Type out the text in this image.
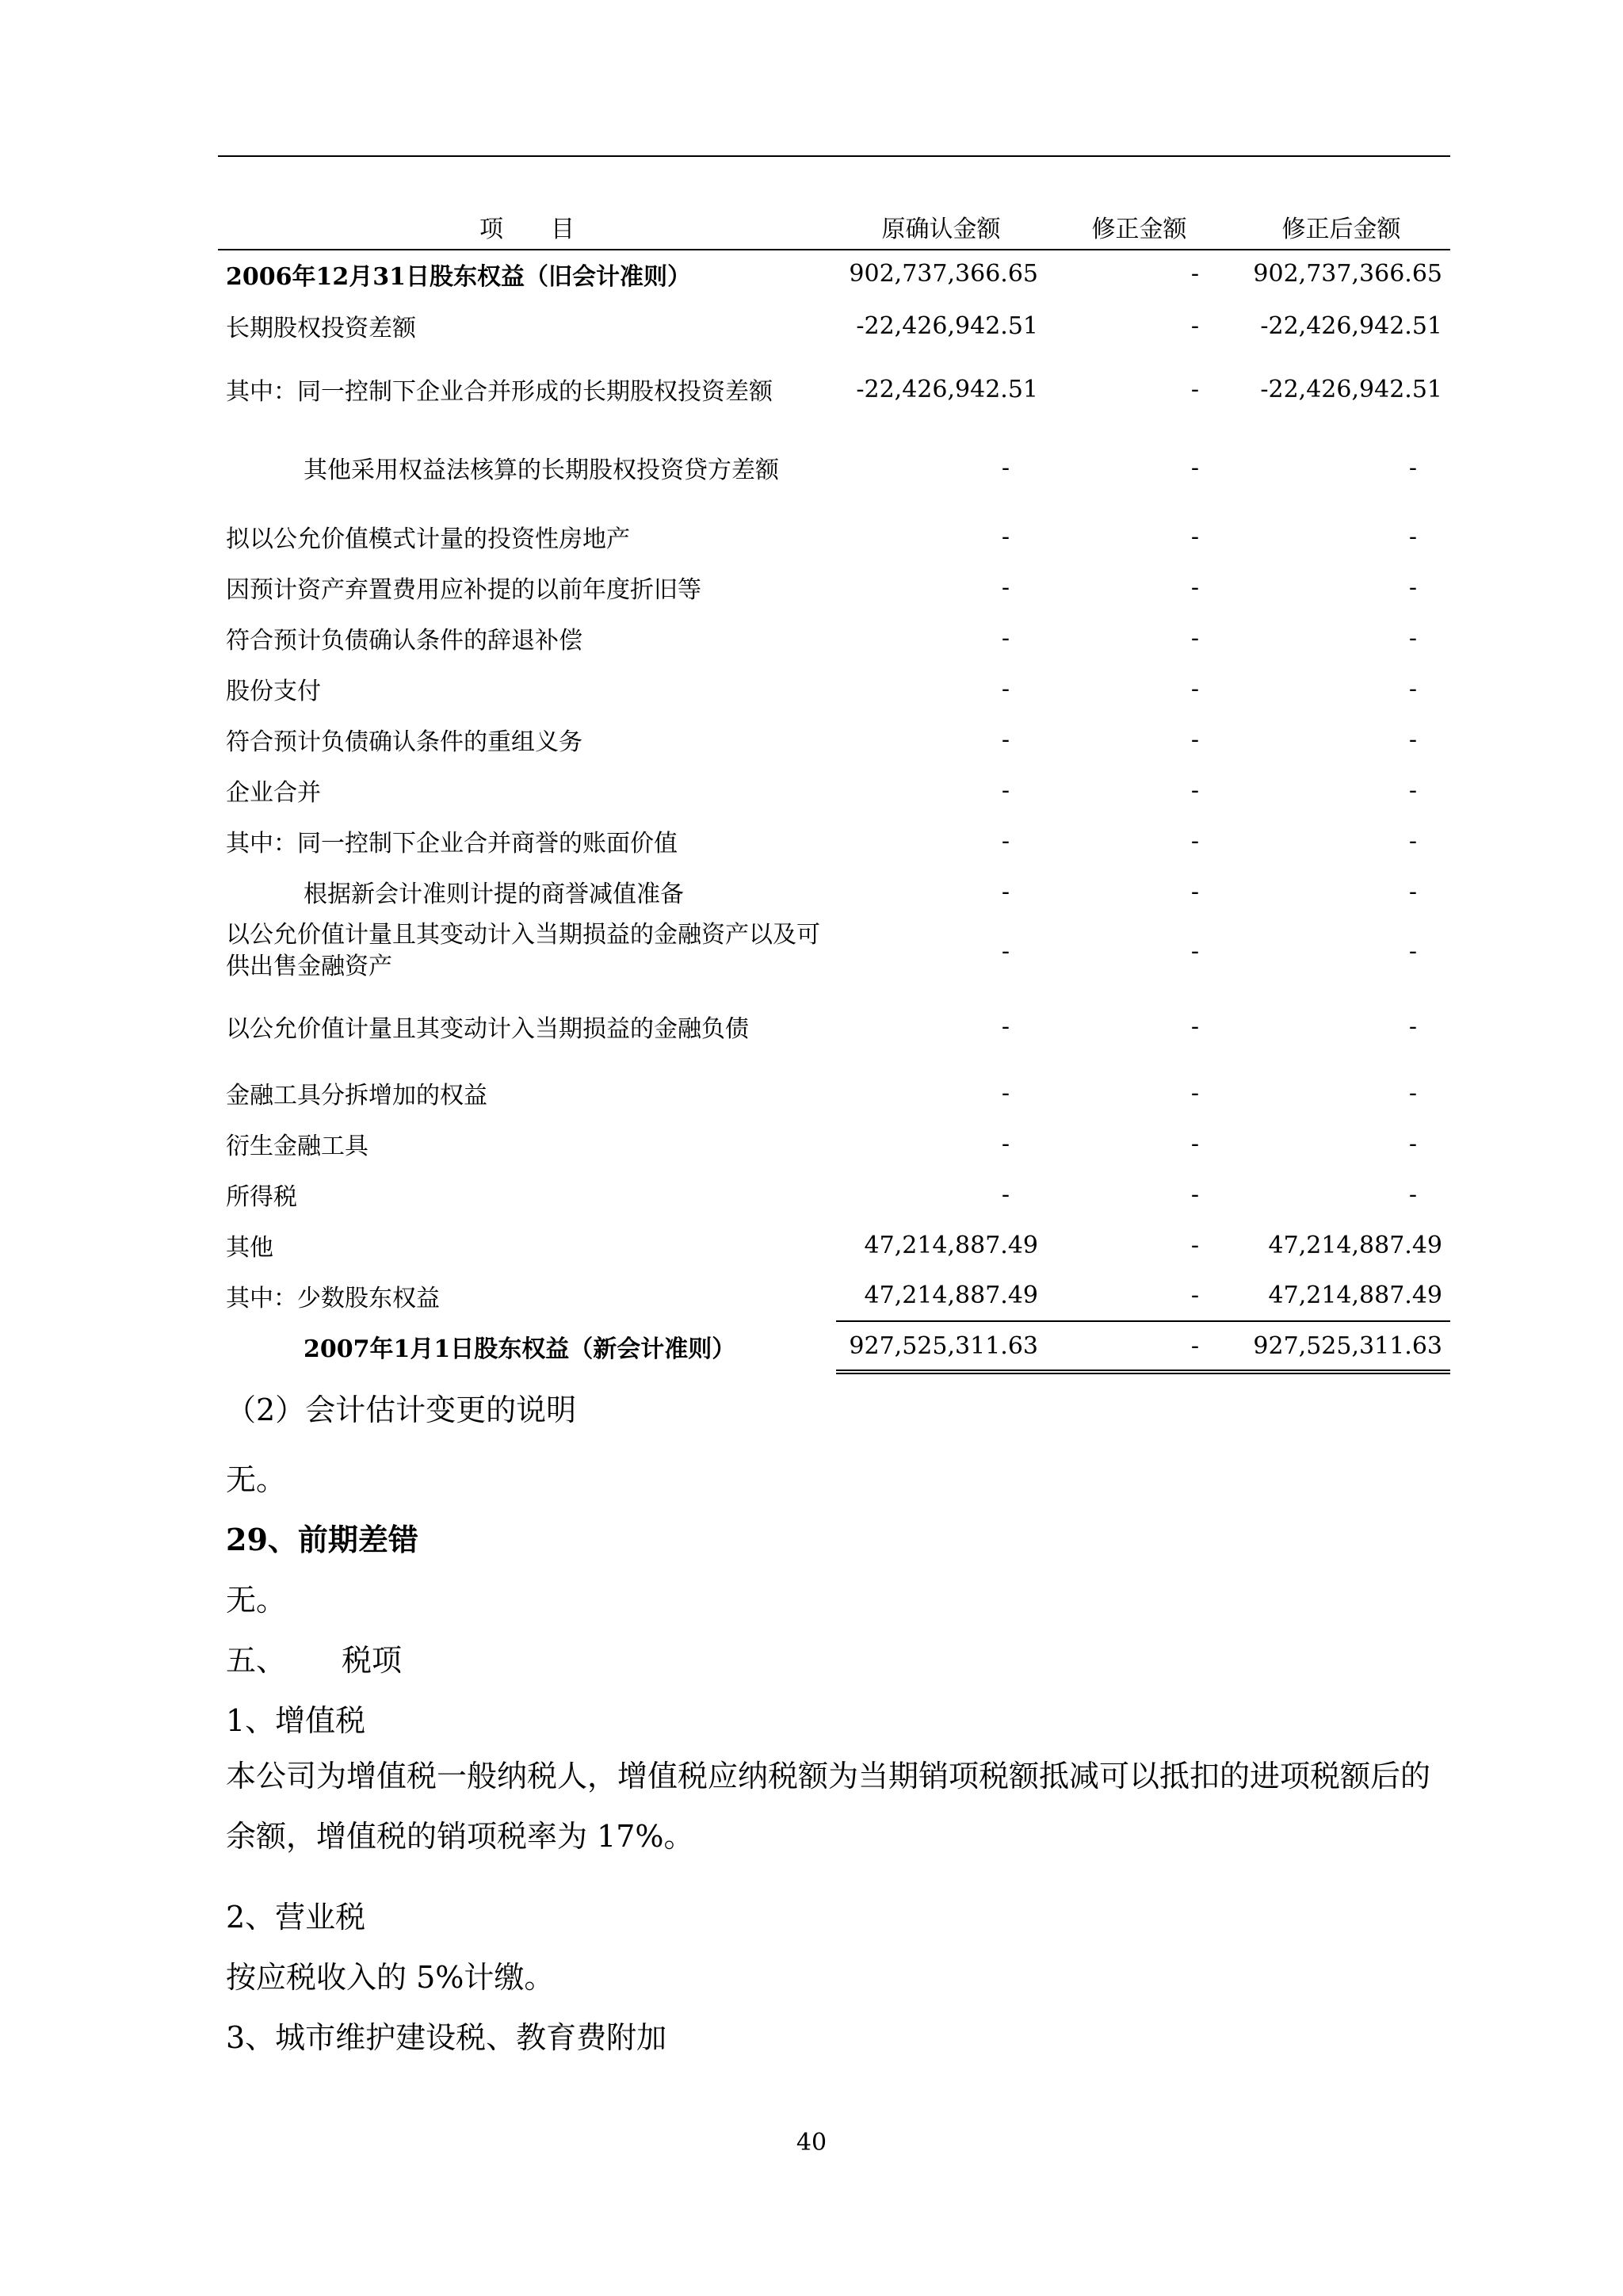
项　　目	原确认金额	修正金额	修正后金额
2006年12月31日股东权益（旧会计准则）	902,737,366.65	-	902,737,366.65
长期股权投资差额	-22,426,942.51	-	-22,426,942.51
其中：同一控制下企业合并形成的长期股权投资差额	-22,426,942.51	-	-22,426,942.51
其他采用权益法核算的长期股权投资贷方差额	-	-	-
拟以公允价值模式计量的投资性房地产	-	-	-
因预计资产弃置费用应补提的以前年度折旧等	-	-	-
符合预计负债确认条件的辞退补偿	-	-	-
股份支付	-	-	-
符合预计负债确认条件的重组义务	-	-	-
企业合并	-	-	-
其中：同一控制下企业合并商誉的账面价值	-	-	-
根据新会计准则计提的商誉减值准备	-	-	-
以公允价值计量且其变动计入当期损益的金融资产以及可供出售金融资产	-	-	-
以公允价值计量且其变动计入当期损益的金融负债	-	-	-
金融工具分拆增加的权益	-	-	-
衍生金融工具	-	-	-
所得税	-	-	-
其他	47,214,887.49	-	47,214,887.49
其中：少数股东权益	47,214,887.49	-	47,214,887.49
2007年1月1日股东权益（新会计准则）	927,525,311.63	-	927,525,311.63
（2）会计估计变更的说明
无。
29、前期差错
无。
五、 税项
1、增值税
本公司为增值税一般纳税人，增值税应纳税额为当期销项税额抵减可以抵扣的进项税额后的余额，增值税的销项税率为 17%。
2、营业税
按应税收入的 5%计缴。
3、城市维护建设税、教育费附加
40
